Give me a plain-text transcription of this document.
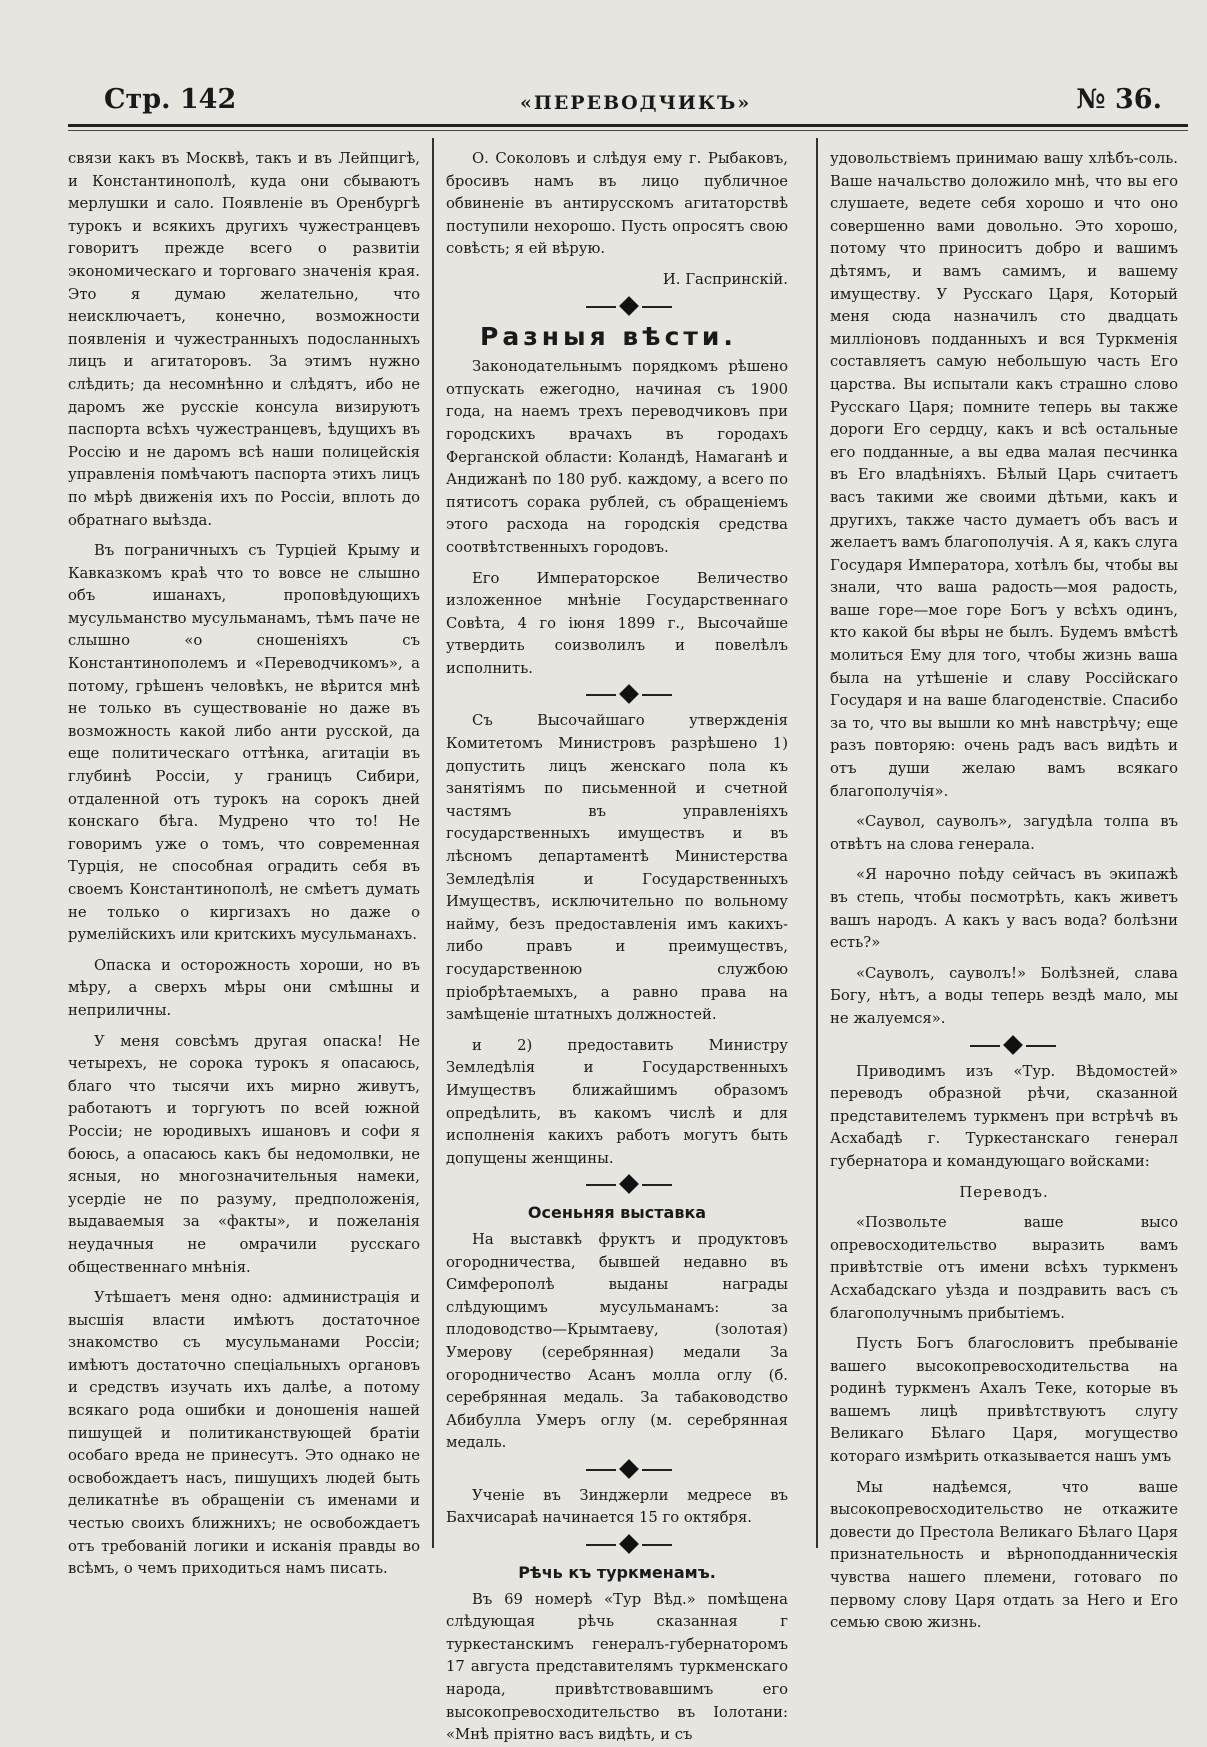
Стр. 142	«ПЕРЕВОДЧИКЪ»	№ 36.

связи какъ въ Москвѣ, такъ и въ Лейпцигѣ, и Константинополѣ, куда они сбываютъ мерлушки и сало. Появленіе въ Оренбургѣ турокъ и всякихъ другихъ чужестранцевъ говоритъ прежде всего о развитіи экономическаго и торговаго значенія края. Это я думаю желательно, что неисключаетъ, конечно, возможности появленія и чужестранныхъ подосланныхъ лицъ и агитаторовъ. За этимъ нужно слѣдить; да несомнѣнно и слѣдятъ, ибо не даромъ же русскіе консула визируютъ паспорта всѣхъ чужестранцевъ, ѣдущихъ въ Россію и не даромъ всѣ наши полицейскія управленія помѣчаютъ паспорта этихъ лицъ по мѣрѣ движенія ихъ по Россіи, вплоть до обратнаго выѣзда.

Въ пограничныхъ съ Турціей Крыму и Кавказкомъ краѣ что то вовсе не слышно объ ишанахъ, проповѣдующихъ мусульманство мусульманамъ, тѣмъ паче не слышно «о сношеніяхъ съ Константинополемъ и «Переводчикомъ», а потому, грѣшенъ человѣкъ, не вѣрится мнѣ не только въ существованіе но даже въ возможность какой либо анти русской, да еще политическаго оттѣнка, агитаціи въ глубинѣ Россіи, у границъ Сибири, отдаленной отъ турокъ на сорокъ дней конскаго бѣга. Мудрено что то! Не говоримъ уже о томъ, что современная Турція, не способная оградить себя въ своемъ Константинополѣ, не смѣетъ думать не только о киргизахъ но даже о румелійскихъ или критскихъ мусульманахъ.

Опаска и осторожность хороши, но въ мѣру, а сверхъ мѣры они смѣшны и неприличны.

У меня совсѣмъ другая опаска! Не четырехъ, не сорока турокъ я опасаюсь, благо что тысячи ихъ мирно живутъ, работаютъ и торгуютъ по всей южной Россіи; не юродивыхъ ишановъ и софи я боюсь, а опасаюсь какъ бы недомолвки, не ясныя, но многозначительныя намеки, усердіе не по разуму, предположенія, выдаваемыя за «факты», и пожеланія неудачныя не омрачили русскаго общественнаго мнѣнія.

Утѣшаетъ меня одно: администрація и высшія власти имѣютъ достаточное знакомство съ мусульманами Россіи; имѣютъ достаточно спеціальныхъ органовъ и средствъ изучать ихъ далѣе, а потому всякаго рода ошибки и доношенія нашей пишущей и политиканствующей братіи особаго вреда не принесутъ. Это однако не освобождаетъ насъ, пишущихъ людей быть деликатнѣе въ обращеніи съ именами и честью своихъ ближнихъ; не освобождаетъ отъ требованій логики и исканія правды во всѣмъ, о чемъ приходиться намъ писать.

О. Соколовъ и слѣдуя ему г. Рыбаковъ, бросивъ намъ въ лицо публичное обвиненіе въ антирусскомъ агитаторствѣ поступили нехорошо. Пусть опросятъ свою совѣсть; я ей вѣрую.

И. Гаспринскій.

Разныя вѣсти.

Законодательнымъ порядкомъ рѣшено отпускать ежегодно, начиная съ 1900 года, на наемъ трехъ переводчиковъ при городскихъ врачахъ въ городахъ Ферганской области: Коландѣ, Намаганѣ и Андижанѣ по 180 руб. каждому, а всего по пятисотъ сорака рублей, съ обращеніемъ этого расхода на городскія средства соотвѣтственныхъ городовъ.

Его Императорское Величество изложенное мнѣніе Государственнаго Совѣта, 4 го іюня 1899 г., Высочайше утвердить соизволилъ и повелѣлъ исполнить.

Съ Высочайшаго утвержденія Комитетомъ Министровъ разрѣшено 1) допустить лицъ женскаго пола къ занятіямъ по письменной и счетной частямъ въ управленіяхъ государственныхъ имуществъ и въ лѣсномъ департаментѣ Министерства Земледѣлія и Государственныхъ Имуществъ, исключительно по вольному найму, безъ предоставленія имъ какихъ-либо правъ и преимуществъ, государственною службою пріобрѣтаемыхъ, а равно права на замѣщеніе штатныхъ должностей.

и 2) предоставить Министру Земледѣлія и Государственныхъ Имуществъ ближайшимъ образомъ опредѣлить, въ какомъ числѣ и для исполненія какихъ работъ могутъ быть допущены женщины.

Осеньняя выставка

На выставкѣ фруктъ и продуктовъ огородничества, бывшей недавно въ Симферополѣ выданы награды слѣдующимъ мусульманамъ: за плодоводство—Крымтаеву, (золотая) Умерову (серебрянная) медали За огородничество Асанъ молла оглу (б. серебрянная медаль. За табаководство Абибулла Умеръ оглу (м. серебрянная медаль.

Ученіе въ Зинджерли медресе въ Бахчисараѣ начинается 15 го октября.

Рѣчь къ туркменамъ.

Въ 69 номерѣ «Тур Вѣд.» помѣщена слѣдующая рѣчь сказанная г туркестанскимъ генералъ-губернаторомъ 17 августа представителямъ туркменскаго народа, привѣтствовавшимъ его высокопревосходительство въ Іолотани: «Мнѣ пріятно васъ видѣть, и съ

удовольствіемъ принимаю вашу хлѣбъ-соль. Ваше начальство доложило мнѣ, что вы его слушаете, ведете себя хорошо и что оно совершенно вами довольно. Это хорошо, потому что приноситъ добро и вашимъ дѣтямъ, и вамъ самимъ, и вашему имуществу. У Русскаго Царя, Который меня сюда назначилъ сто двадцать милліоновъ подданныхъ и вся Туркменія составляетъ самую небольшую часть Его царства. Вы испытали какъ страшно слово Русскаго Царя; помните теперь вы также дороги Его сердцу, какъ и всѣ остальные его подданные, а вы едва малая песчинка въ Его владѣніяхъ. Бѣлый Царь считаетъ васъ такими же своими дѣтьми, какъ и другихъ, также часто думаетъ объ васъ и желаетъ вамъ благополучія. А я, какъ слуга Государя Императора, хотѣлъ бы, чтобы вы знали, что ваша радость—моя радость, ваше горе—мое горе Богъ у всѣхъ одинъ, кто какой бы вѣры не былъ. Будемъ вмѣстѣ молиться Ему для того, чтобы жизнь ваша была на утѣшеніе и славу Россійскаго Государя и на ваше благоденствіе. Спасибо за то, что вы вышли ко мнѣ навстрѣчу; еще разъ повторяю: очень радъ васъ видѣть и отъ души желаю вамъ всякаго благополучія».

«Саувол, сауволъ», загудѣла толпа въ отвѣтъ на слова генерала.

«Я нарочно поѣду сейчасъ въ экипажѣ въ степь, чтобы посмотрѣть, какъ живетъ вашъ народъ. А какъ у васъ вода? болѣзни есть?»

«Сауволъ, сауволъ!» Болѣзней, слава Богу, нѣтъ, а воды теперь вездѣ мало, мы не жалуемся».

Приводимъ изъ «Тур. Вѣдомостей» переводъ образной рѣчи, сказанной представителемъ туркменъ при встрѣчѣ въ Асхабадѣ г. Туркестанскаго генерал губернатора и командующаго войсками:

Переводъ.

«Позвольте ваше высо опревосходительство выразить вамъ привѣтствіе отъ имени всѣхъ туркменъ Асхабадскаго уѣзда и поздравить васъ съ благополучнымъ прибытіемъ.

Пусть Богъ благословитъ пребываніе вашего высокопревосходительства на родинѣ туркменъ Ахалъ Теке, которые въ вашемъ лицѣ привѣтствуютъ слугу Великаго Бѣлаго Царя, могущество котораго измѣрить отказывается нашъ умъ

Мы надѣемся, что ваше высокопревосходительство не откажите довести до Престола Великаго Бѣлаго Царя признательность и вѣрноподданническія чувства нашего племени, готоваго по первому слову Царя отдать за Него и Его семью свою жизнь.
